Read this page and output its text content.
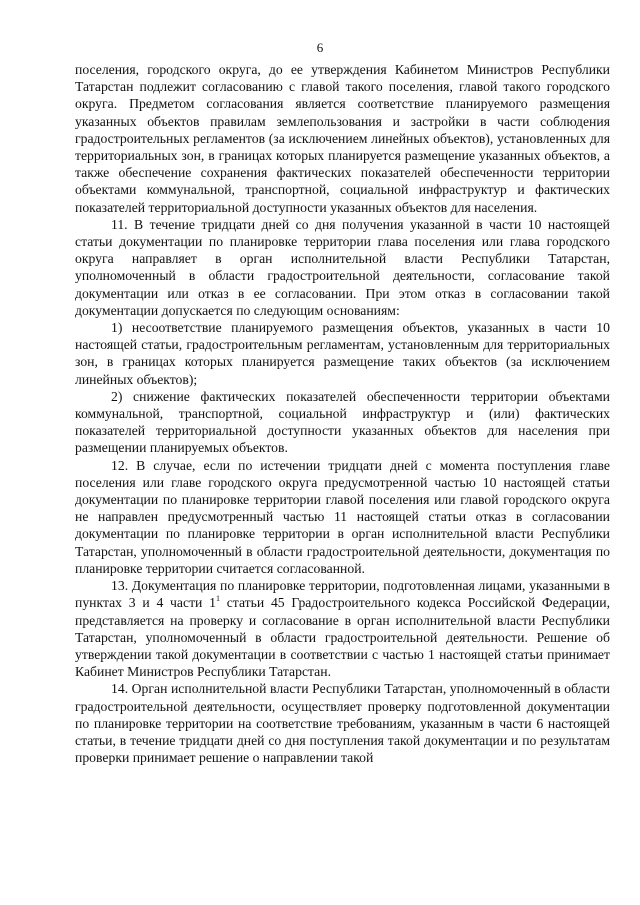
6

поселения, городского округа, до ее утверждения Кабинетом Министров Республики Татарстан подлежит согласованию с главой такого поселения, главой такого городского округа. Предметом согласования является соответствие планируемого размещения указанных объектов правилам землепользования и застройки в части соблюдения градостроительных регламентов (за исключением линейных объектов), установленных для территориальных зон, в границах которых планируется размещение указанных объектов, а также обеспечение сохранения фактических показателей обеспеченности территории объектами коммунальной, транспортной, социальной инфраструктур и фактических показателей территориальной доступности указанных объектов для населения.

11. В течение тридцати дней со дня получения указанной в части 10 настоящей статьи документации по планировке территории глава поселения или глава городского округа направляет в орган исполнительной власти Республики Татарстан, уполномоченный в области градостроительной деятельности, согласование такой документации или отказ в ее согласовании. При этом отказ в согласовании такой документации допускается по следующим основаниям:

1) несоответствие планируемого размещения объектов, указанных в части 10 настоящей статьи, градостроительным регламентам, установленным для территориальных зон, в границах которых планируется размещение таких объектов (за исключением линейных объектов);

2) снижение фактических показателей обеспеченности территории объектами коммунальной, транспортной, социальной инфраструктур и (или) фактических показателей территориальной доступности указанных объектов для населения при размещении планируемых объектов.

12. В случае, если по истечении тридцати дней с момента поступления главе поселения или главе городского округа предусмотренной частью 10 настоящей статьи документации по планировке территории главой поселения или главой городского округа не направлен предусмотренный частью 11 настоящей статьи отказ в согласовании документации по планировке территории в орган исполнительной власти Республики Татарстан, уполномоченный в области градостроительной деятельности, документация по планировке территории считается согласованной.

13. Документация по планировке территории, подготовленная лицами, указанными в пунктах 3 и 4 части 1$^1$ статьи 45 Градостроительного кодекса Российской Федерации, представляется на проверку и согласование в орган исполнительной власти Республики Татарстан, уполномоченный в области градостроительной деятельности. Решение об утверждении такой документации в соответствии с частью 1 настоящей статьи принимает Кабинет Министров Республики Татарстан.

14. Орган исполнительной власти Республики Татарстан, уполномоченный в области градостроительной деятельности, осуществляет проверку подготовленной документации по планировке территории на соответствие требованиям, указанным в части 6 настоящей статьи, в течение тридцати дней со дня поступления такой документации и по результатам проверки принимает решение о направлении такой
